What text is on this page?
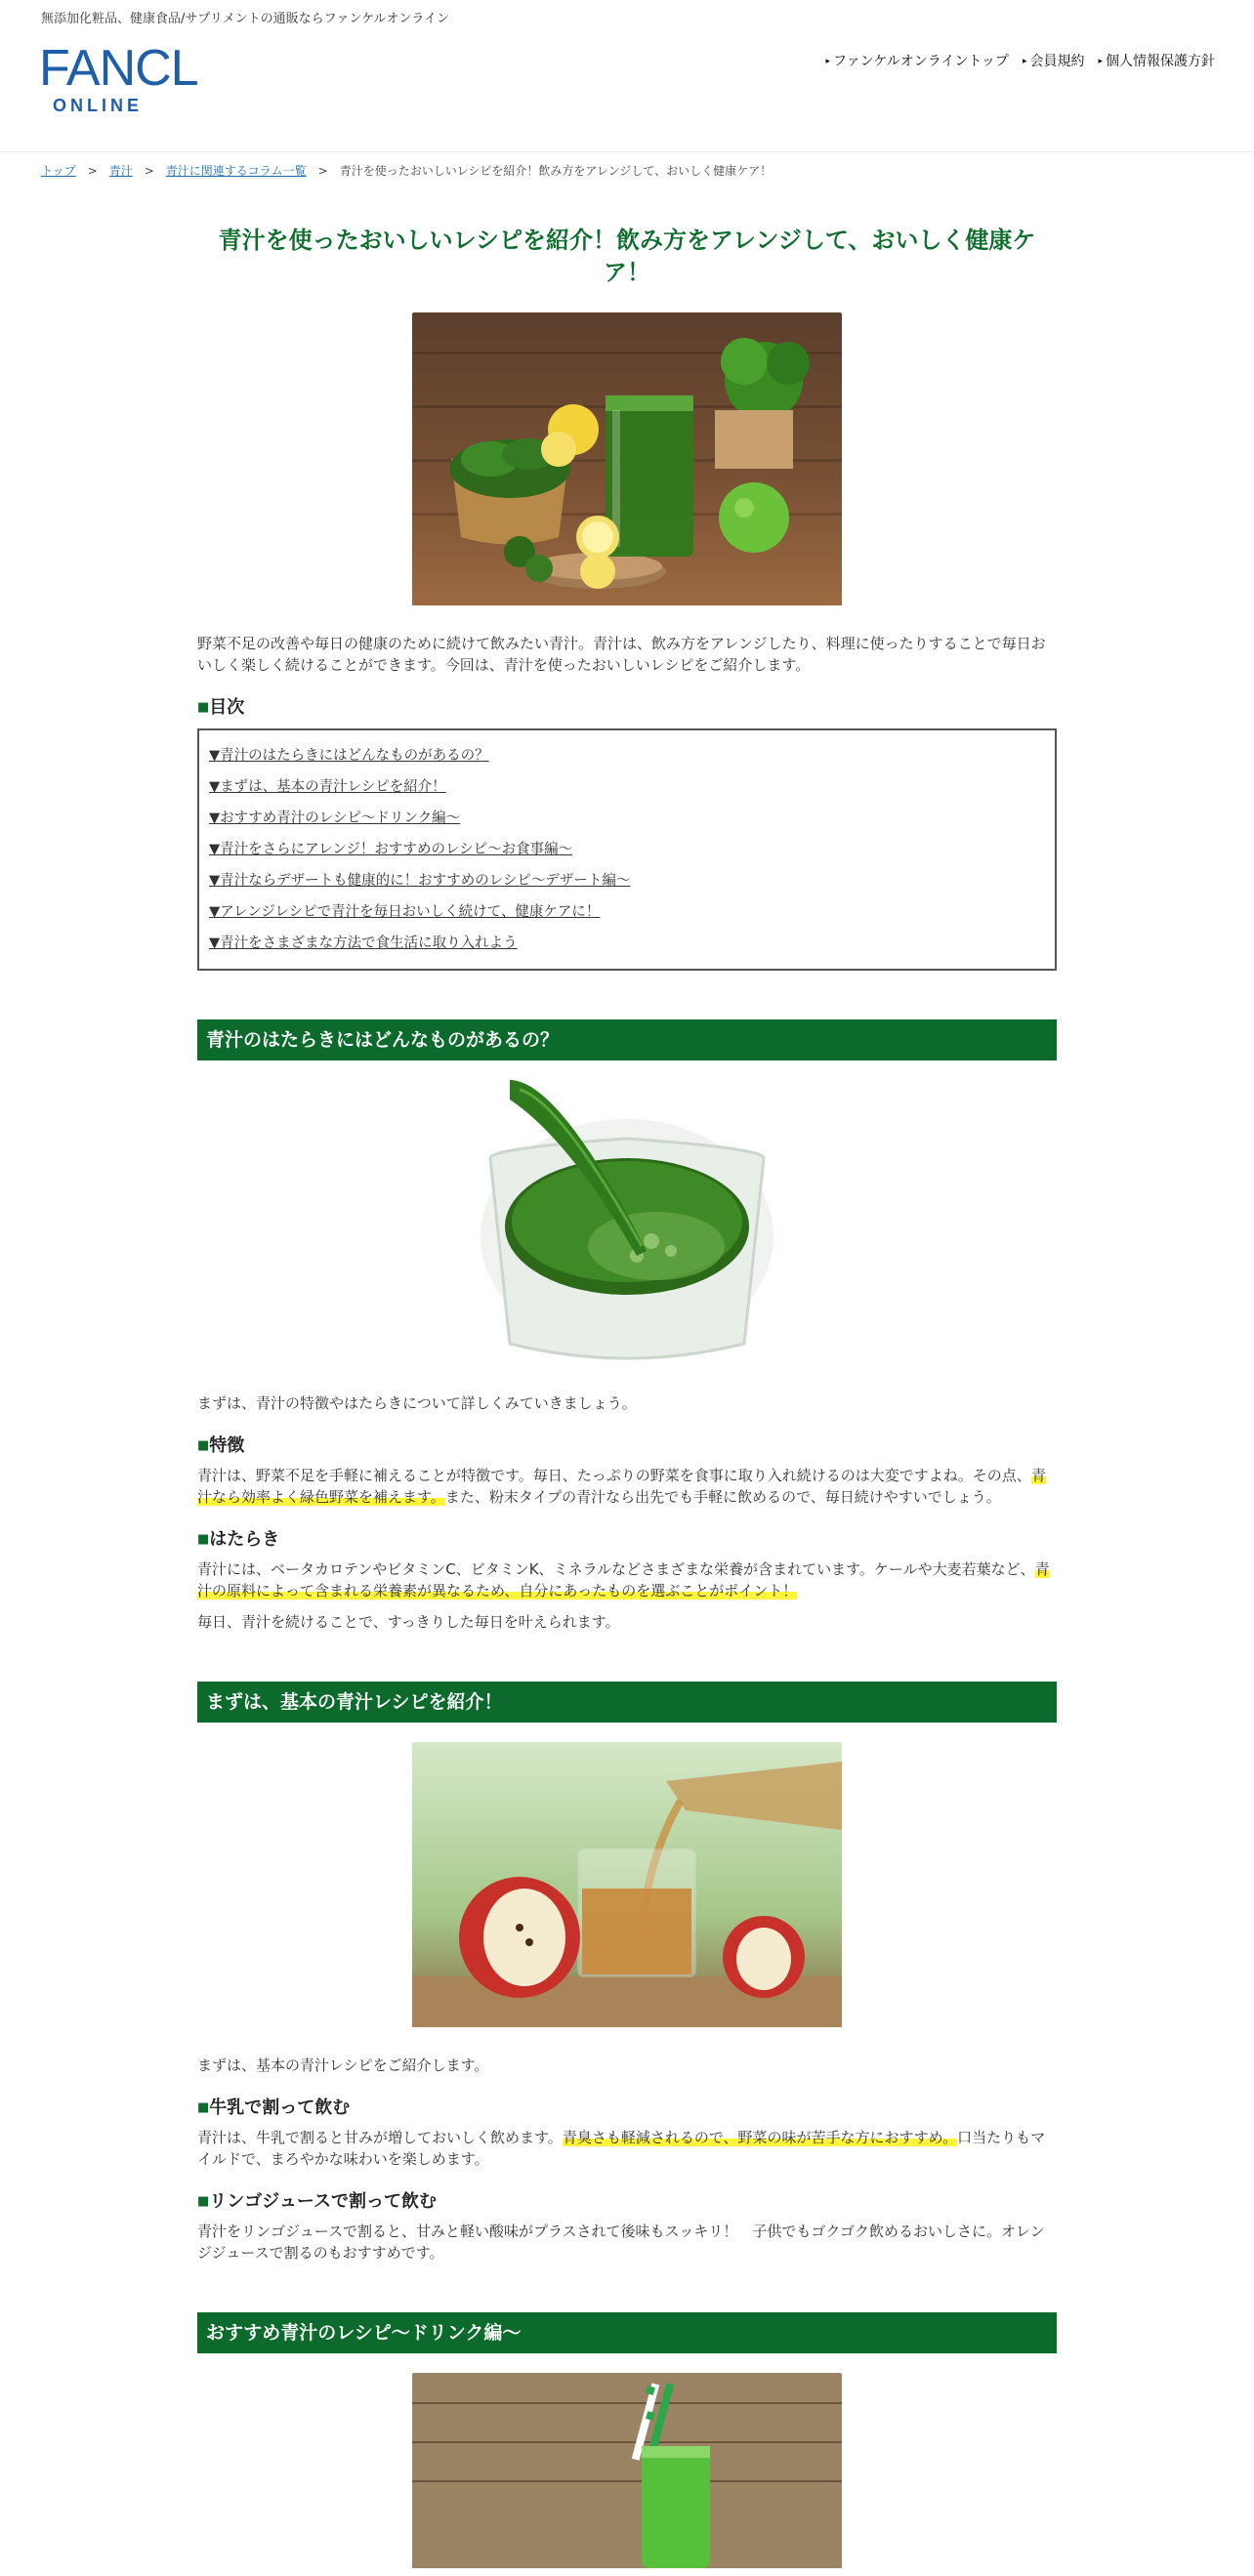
無添加化粧品、健康食品/サプリメントの通販ならファンケルオンライン
FANCL
ONLINE
▸ ファンケルオンライントップ	▸ 会員規約	▸ 個人情報保護方針
トップ > 青汁 > 青汁に関連するコラム一覧 > 青汁を使ったおいしいレシピを紹介！飲み方をアレンジして、おいしく健康ケア！
青汁を使ったおいしいレシピを紹介！飲み方をアレンジして、おいしく健康ケア！

野菜不足の改善や毎日の健康のために続けて飲みたい青汁。青汁は、飲み方をアレンジしたり、料理に使ったりすることで毎日おいしく楽しく続けることができます。今回は、青汁を使ったおいしいレシピをご紹介します。

■ 目次
▼青汁のはたらきにはどんなものがあるの？
▼まずは、基本の青汁レシピを紹介！
▼おすすめ青汁のレシピ～ドリンク編～
▼青汁をさらにアレンジ！おすすめのレシピ～お食事編～
▼青汁ならデザートも健康的に！おすすめのレシピ～デザート編～
▼アレンジレシピで青汁を毎日おいしく続けて、健康ケアに！
▼青汁をさまざまな方法で食生活に取り入れよう
青汁のはたらきにはどんなものがあるの？

まずは、青汁の特徴やはたらきについて詳しくみていきましょう。

■ 特徴

青汁は、野菜不足を手軽に補えることが特徴です。毎日、たっぷりの野菜を食事に取り入れ続けるのは大変ですよね。その点、青汁なら効率よく緑色野菜を補えます。また、粉末タイプの青汁なら出先でも手軽に飲めるので、毎日続けやすいでしょう。

■ はたらき

青汁には、ベータカロテンやビタミンC、ビタミンK、ミネラルなどさまざまな栄養が含まれています。ケールや大麦若葉など、青汁の原料によって含まれる栄養素が異なるため、自分にあったものを選ぶことがポイント！

毎日、青汁を続けることで、すっきりした毎日を叶えられます。

まずは、基本の青汁レシピを紹介！

まずは、基本の青汁レシピをご紹介します。

■ 牛乳で割って飲む

青汁は、牛乳で割ると甘みが増しておいしく飲めます。青臭さも軽減されるので、野菜の味が苦手な方におすすめ。口当たりもマイルドで、まろやかな味わいを楽しめます。

■ リンゴジュースで割って飲む

青汁をリンゴジュースで割ると、甘みと軽い酸味がプラスされて後味もスッキリ！　子供でもゴクゴク飲めるおいしさに。オレンジジュースで割るのもおすすめです。

おすすめ青汁のレシピ～ドリンク編～
